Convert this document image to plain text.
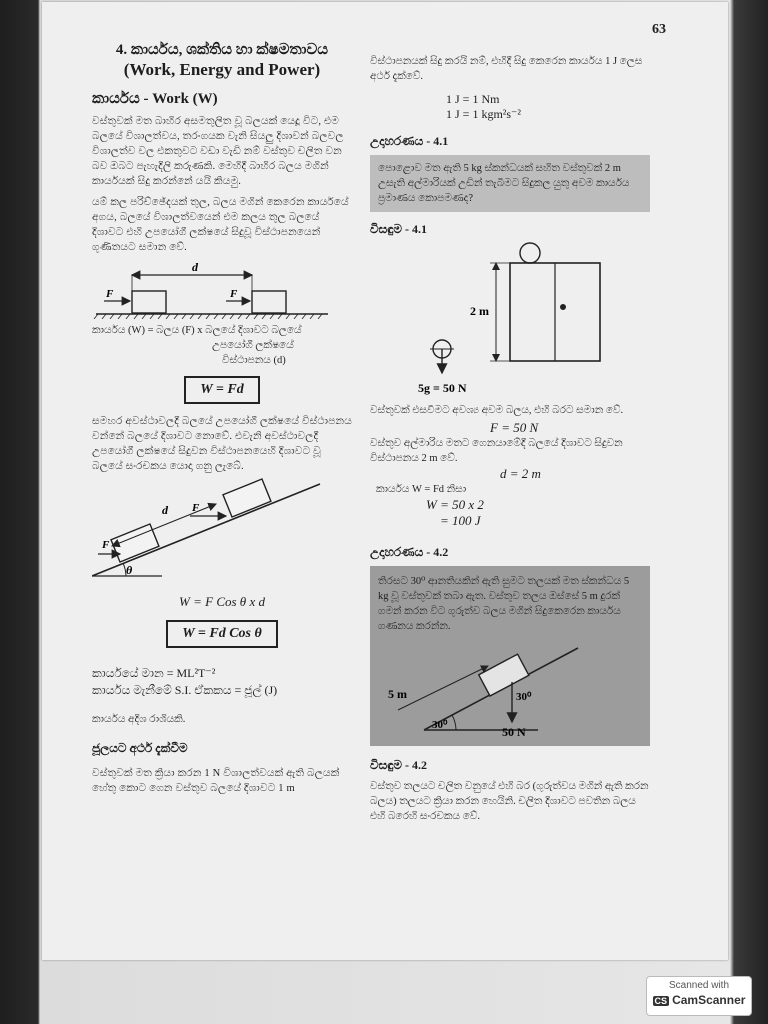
63
4. කාර්යය, ශක්තිය හා ක්ෂමතාවය
(Work, Energy and Power)
කාර්යය - Work (W)
වස්තුවක් මත බාහිර අසමතුලිත වූ බලයක් යෙදූ විට, එම බලයේ විශාලත්වය, තරංගයක වැනි සියලු දිශාවන් බලවල විශාලත්ව වල එකතුවට වඩා වැඩි නම් වස්තුව චලිත වන බව ඔබට පැහැදිලි කරුණකි. මෙහිදී බාහිර බලය මගින් කාර්යයක් සිදු කරන්නේ යයි කියමු.
යම් කල පරිච්ඡේදයක් තුල, බලය මගින් කෙරෙන කාර්යයේ අගය, බලයේ විශාලත්වයෙන් එම කලය තුල බලයේ දිශාවට එහි උපයෝගී ලක්ෂයේ සිදුවූ විස්ථාපනයෙන් ගුණිතයට සමාන වේ.
d
F	F
කාර්යය (W) = බලය (F) x බලයේ දිශාවට බලයේ
උපයෝගී ලක්ෂයේ
විස්ථාපනය (d)
W = Fd
සමහර අවස්ථාවලදී බලයේ උපයෝගී ලක්ෂයේ විස්ථාපනය වන්නේ බලයේ දිශාවට නොවේ. එවැනි අවස්ථාවලදී උපයෝගී ලක්ෂයේ සිදුවන විස්ථාපනයෙහි දිශාවට වූ බලයේ සංරචකය යොදා ගනු ලැබේ.
θ
d
F
F
W = F Cos θ x d
W = Fd Cos θ
කාර්යයේ මාන = ML²T⁻²
කාර්යය මැනීමේ S.I. ඒකකය = ජූල් (J)
කාර්යය අදිශ රාශියකි.
ජූලයට අර්ථ දැක්වීම
වස්තුවක් මත ක්‍රියා කරන 1 N විශාලත්වයක් ඇති බලයක් හේතු කොට ගෙන වස්තුව බලයේ දිශාවට 1 m
විස්ථාපනයක් සිදු කරයි නම්, එහිදී සිදු කෙරෙන කාර්යය 1 J ලෙස අර්ථ දැක්වේ.
1 J = 1 Nm
1 J = 1 kgm²s⁻²
උදාහරණය - 4.1
පොළොව මත ඇති 5 kg ස්කන්ධයක් සහිත වස්තුවක් 2 m උසැති අල්මාරියක් උඩින් තැබීමට සිදුකල යුතු අවම කාර්යය ප්‍රමාණය කොපමණද?
විසඳුම - 4.1
2 m
5g = 50 N
වස්තුවක් එසවීමට අවශ්‍ය අවම බලය, එහි බරට සමාන වේ.
F = 50 N
වස්තුව අල්මාරිය මතට ගෙනයාමේදී බලයේ දිශාවට සිදුවන විස්ථාපනය 2 m වේ.
d = 2 m
කාර්යය W = Fd නිසා
W = 50 x 2
= 100 J
උදාහරණය - 4.2
තිරසට 30⁰ ආනතියකින් ඇති සුමට තලයක් මත ස්කන්ධය 5 kg වූ වස්තුවක් තබා ඇත. වස්තුව තලය ඔස්සේ 5 m දුරක් ගමන් කරන විට ගුරුත්ව බලය මගින් සිදුකෙරෙන කාර්යය ගණනය කරන්න.
30⁰
5 m	30⁰
50 N
විසඳුම - 4.2
වස්තුව තලයට චලිත වනුයේ එහි බර (ගුරුත්වය මගින් ඇති කරන බලය) තලයට ක්‍රියා කරන හෙයිනි. චලිත දිශාවට පවතින බලය එහි බරෙහි සංරචකය වේ.
Scanned with
CS CamScanner
